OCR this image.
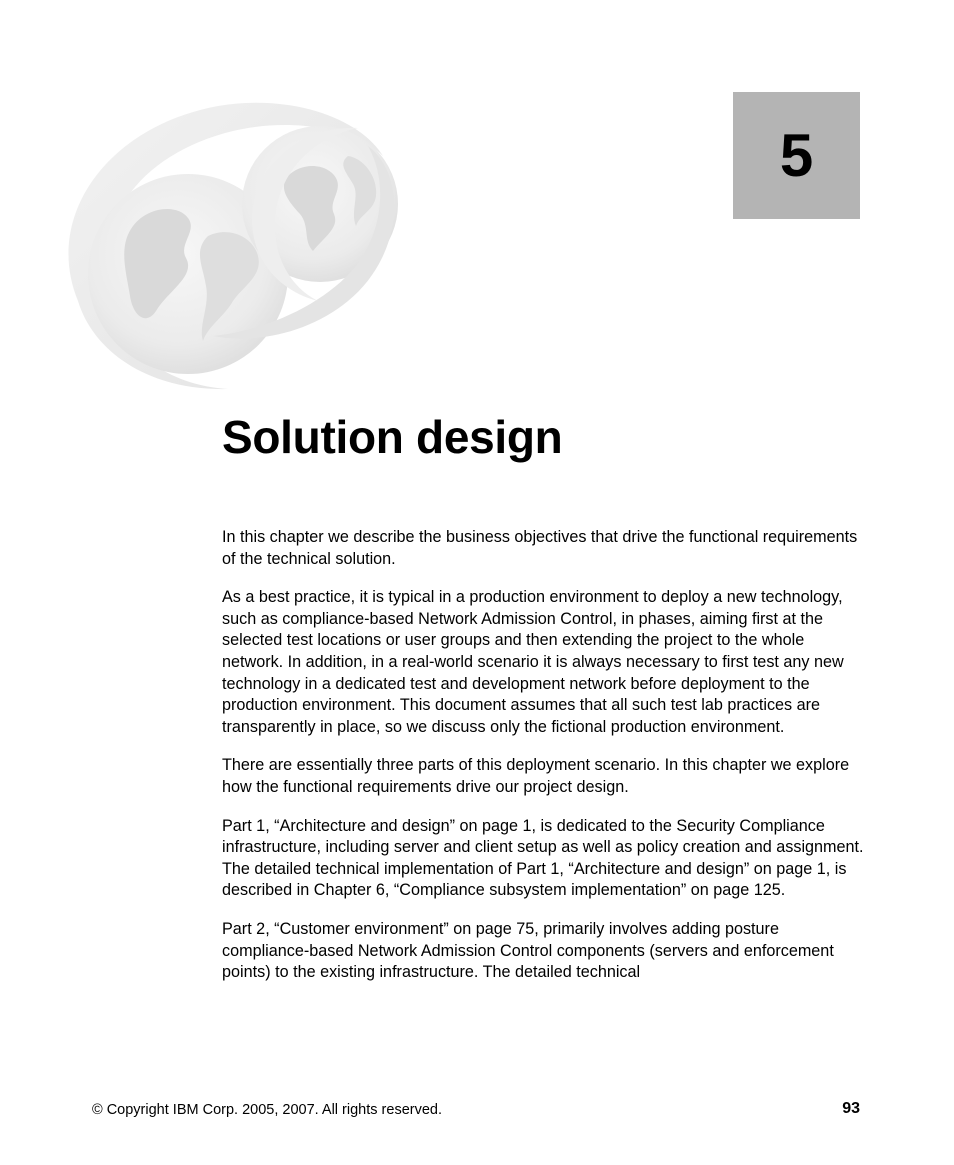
5
Solution design

In this chapter we describe the business objectives that drive the functional requirements of the technical solution.

As a best practice, it is typical in a production environment to deploy a new technology, such as compliance-based Network Admission Control, in phases, aiming first at the selected test locations or user groups and then extending the project to the whole network. In addition, in a real-world scenario it is always necessary to first test any new technology in a dedicated test and development network before deployment to the production environment. This document assumes that all such test lab practices are transparently in place, so we discuss only the fictional production environment.

There are essentially three parts of this deployment scenario. In this chapter we explore how the functional requirements drive our project design.

Part 1, “Architecture and design” on page 1, is dedicated to the Security Compliance infrastructure, including server and client setup as well as policy creation and assignment. The detailed technical implementation of Part 1, “Architecture and design” on page 1, is described in Chapter 6, “Compliance subsystem implementation” on page 125.

Part 2, “Customer environment” on page 75, primarily involves adding posture compliance-based Network Admission Control components (servers and enforcement points) to the existing infrastructure. The detailed technical

© Copyright IBM Corp. 2005, 2007. All rights reserved.	93
